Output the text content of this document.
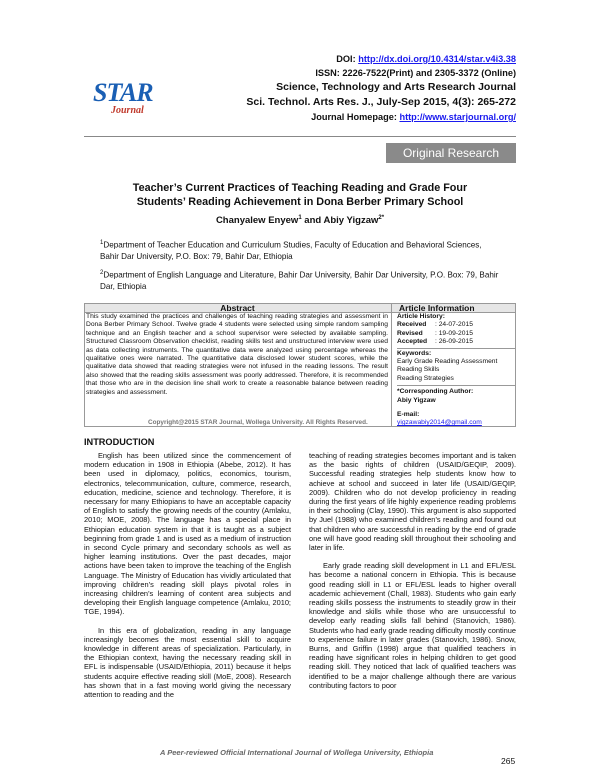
DOI: http://dx.doi.org/10.4314/star.v4i3.38
ISSN: 2226-7522(Print) and 2305-3372 (Online)
Science, Technology and Arts Research Journal
Sci. Technol. Arts Res. J., July-Sep 2015, 4(3): 265-272
Journal Homepage: http://www.starjournal.org/
STAR
Journal
Original Research
Teacher’s Current Practices of Teaching Reading and Grade Four Students’ Reading Achievement in Dona Berber Primary School
Chanyalew Enyew$^1$ and Abiy Yigzaw$^{2*}$
$^1$Department of Teacher Education and Curriculum Studies, Faculty of Education and Behavioral Sciences, Bahir Dar University, P.O. Box: 79, Bahir Dar, Ethiopia
$^2$Department of English Language and Literature, Bahir Dar University, Bahir Dar University, P.O. Box: 79, Bahir Dar, Ethiopia
Abstract	Article Information
This study examined the practices and challenges of teaching reading strategies and assessment in Dona Berber Primary School. Twelve grade 4 students were selected using simple random sampling technique and an English teacher and a school supervisor were selected by available sampling. Structured Classroom Observation checklist, reading skills test and unstructured interview were used as data collecting instruments. The quantitative data were analyzed using percentage whereas the qualitative ones were narrated. The quantitative data disclosed lower student scores, while the qualitative data showed that reading strategies were not infused in the reading lessons. The result also showed that the reading skills assessment was poorly addressed. Therefore, it is recommended that those who are in the decision line shall work to create a reasonable balance between reading strategies and assessment.
Copyright@2015 STAR Journal, Wollega University. All Rights Reserved.
Article History:
Received : 24-07-2015
Revised : 19-09-2015
Accepted : 26-09-2015
Keywords:
Early Grade Reading Assessment
Reading Skills
Reading Strategies
*Corresponding Author:
Abiy Yigzaw
E-mail:
yigzawabiy2014@gmail.com
INTRODUCTION

English has been utilized since the commencement of modern education in 1908 in Ethiopia (Abebe, 2012). It has been used in diplomacy, politics, economics, tourism, electronics, telecommunication, culture, commerce, research, education, medicine, science and technology. Therefore, it is necessary for many Ethiopians to have an acceptable capacity of English to satisfy the growing needs of the country (Amlaku, 2010; MOE, 2008). The language has a special place in Ethiopian education system in that it is taught as a subject beginning from grade 1 and is used as a medium of instruction in second Cycle primary and secondary schools as well as higher learning institutions. Over the past decades, major actions have been taken to improve the teaching of the English Language. The Ministry of Education has vividly articulated that improving children’s reading skill plays pivotal roles in increasing children’s learning of content area subjects and developing their English language competence (Amlaku, 2010; TGE, 1994).

In this era of globalization, reading in any language increasingly becomes the most essential skill to acquire knowledge in different areas of specialization. Particularly, in the Ethiopian context, having the necessary reading skill in EFL is indispensable (USAID/Ethiopia, 2011) because it helps students acquire effective reading skill (MoE, 2008). Research has shown that in a fast moving world giving the necessary attention to reading and the

teaching of reading strategies becomes important and is taken as the basic rights of children (USAID/GEQIP, 2009). Successful reading strategies help students know how to achieve at school and succeed in later life (USAID/GEQIP, 2009). Children who do not develop proficiency in reading during the first years of life highly experience reading problems in their schooling (Clay, 1990). This argument is also supported by Juel (1988) who examined children’s reading and found out that children who are successful in reading by the end of grade one will have good reading skill throughout their schooling and later in life.

Early grade reading skill development in L1 and EFL/ESL has become a national concern in Ethiopia. This is because good reading skill in L1 or EFL/ESL leads to higher overall academic achievement (Chall, 1983). Students who gain early reading skills possess the instruments to steadily grow in their knowledge and skills while those who are unsuccessful to develop early reading skills fall behind (Stanovich, 1986). Students who had early grade reading difficulty mostly continue to experience failure in later grades (Stanovich, 1986). Snow, Burns, and Griffin (1998) argue that qualified teachers in reading have significant roles in helping children to get good reading skill. They noticed that lack of qualified teachers was identified to be a major challenge although there are various contributing factors to poor

A Peer-reviewed Official International Journal of Wollega University, Ethiopia
265
